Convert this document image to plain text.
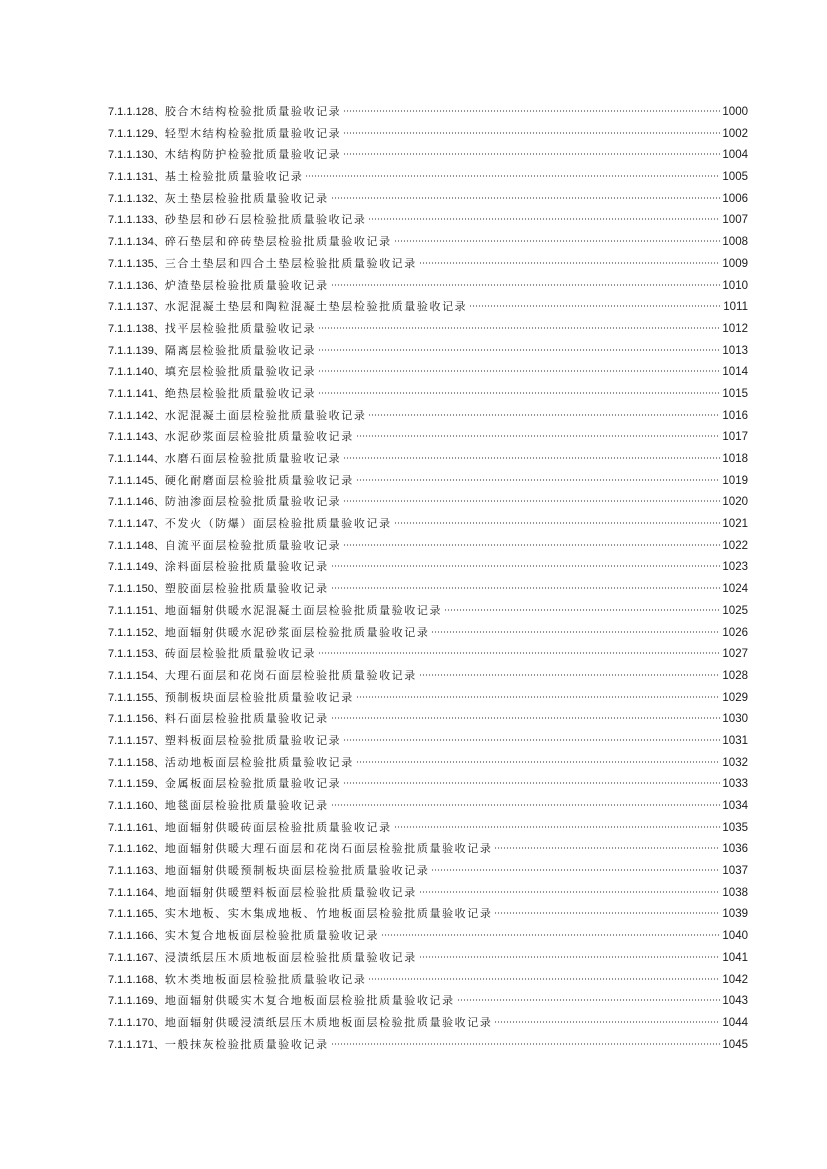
7.1.1.128 、 胶合木结构检验批质量验收记录	1000
7.1.1.129 、 轻型木结构检验批质量验收记录	1002
7.1.1.130 、 木结构防护检验批质量验收记录	1004
7.1.1.131 、 基土检验批质量验收记录	1005
7.1.1.132 、 灰土垫层检验批质量验收记录	1006
7.1.1.133 、 砂垫层和砂石层检验批质量验收记录	1007
7.1.1.134 、 碎石垫层和碎砖垫层检验批质量验收记录	1008
7.1.1.135 、 三合土垫层和四合土垫层检验批质量验收记录	1009
7.1.1.136 、 炉渣垫层检验批质量验收记录	1010
7.1.1.137 、 水泥混凝土垫层和陶粒混凝土垫层检验批质量验收记录	1011
7.1.1.138 、 找平层检验批质量验收记录	1012
7.1.1.139 、 隔离层检验批质量验收记录	1013
7.1.1.140 、 填充层检验批质量验收记录	1014
7.1.1.141 、 绝热层检验批质量验收记录	1015
7.1.1.142 、 水泥混凝土面层检验批质量验收记录	1016
7.1.1.143 、 水泥砂浆面层检验批质量验收记录	1017
7.1.1.144 、 水磨石面层检验批质量验收记录	1018
7.1.1.145 、 硬化耐磨面层检验批质量验收记录	1019
7.1.1.146 、 防油渗面层检验批质量验收记录	1020
7.1.1.147 、 不发火（防爆）面层检验批质量验收记录	1021
7.1.1.148 、 自流平面层检验批质量验收记录	1022
7.1.1.149 、 涂料面层检验批质量验收记录	1023
7.1.1.150 、 塑胶面层检验批质量验收记录	1024
7.1.1.151 、 地面辐射供暖水泥混凝土面层检验批质量验收记录	1025
7.1.1.152 、 地面辐射供暖水泥砂浆面层检验批质量验收记录	1026
7.1.1.153 、 砖面层检验批质量验收记录	1027
7.1.1.154 、 大理石面层和花岗石面层检验批质量验收记录	1028
7.1.1.155 、 预制板块面层检验批质量验收记录	1029
7.1.1.156 、 料石面层检验批质量验收记录	1030
7.1.1.157 、 塑料板面层检验批质量验收记录	1031
7.1.1.158 、 活动地板面层检验批质量验收记录	1032
7.1.1.159 、 金属板面层检验批质量验收记录	1033
7.1.1.160 、 地毯面层检验批质量验收记录	1034
7.1.1.161 、 地面辐射供暖砖面层检验批质量验收记录	1035
7.1.1.162 、 地面辐射供暖大理石面层和花岗石面层检验批质量验收记录	1036
7.1.1.163 、 地面辐射供暖预制板块面层检验批质量验收记录	1037
7.1.1.164 、 地面辐射供暖塑料板面层检验批质量验收记录	1038
7.1.1.165 、 实木地板、实木集成地板、竹地板面层检验批质量验收记录	1039
7.1.1.166 、 实木复合地板面层检验批质量验收记录	1040
7.1.1.167 、 浸渍纸层压木质地板面层检验批质量验收记录	1041
7.1.1.168 、 软木类地板面层检验批质量验收记录	1042
7.1.1.169 、 地面辐射供暖实木复合地板面层检验批质量验收记录	1043
7.1.1.170 、 地面辐射供暖浸渍纸层压木质地板面层检验批质量验收记录	1044
7.1.1.171 、 一般抹灰检验批质量验收记录	1045
